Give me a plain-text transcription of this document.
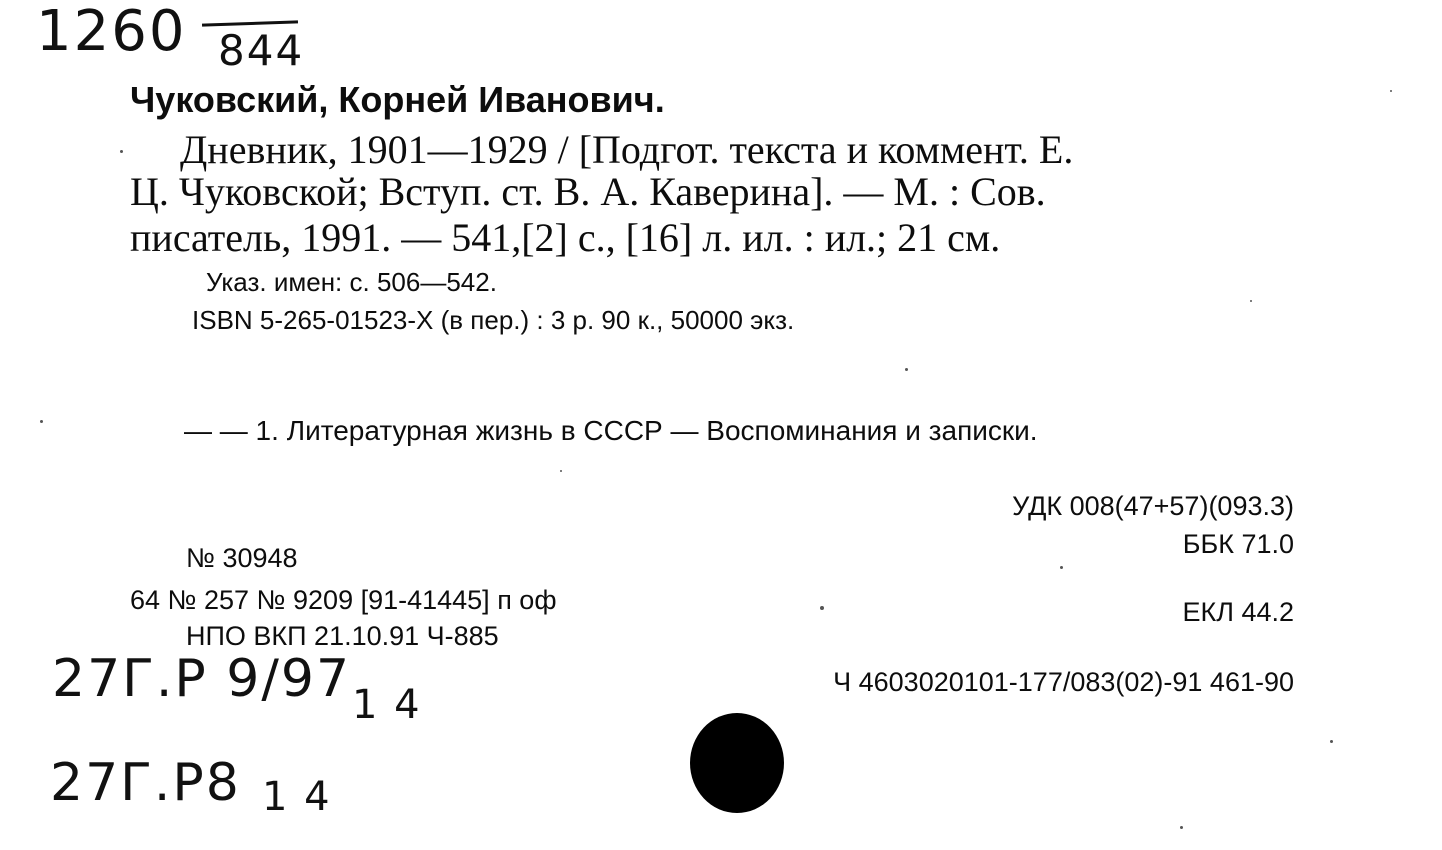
1260 844
Чуковский, Корней Иванович.
Дневник, 1901—1929 / [Подгот. текста и коммент. Е.
Ц. Чуковской; Вступ. ст. В. А. Каверина]. — М. : Сов.
писатель, 1991. — 541,[2] с., [16] л. ил. : ил.; 21 см.
Указ. имен: с. 506—542.
ISBN 5-265-01523-X (в пер.) : 3 р. 90 к., 50000 экз.
— — 1. Литературная жизнь в СССР — Воспоминания и записки.
УДК 008(47+57)(093.3)
ББК 71.0
ЕКЛ 44.2
Ч 4603020101-177/083(02)-91 461-90
№ 30948
64 № 257 № 9209 [91-41445] п оф
НПО ВКП 21.10.91 Ч-885
27Г.Р 9/97 1 4
27Г.Р8 1 4
